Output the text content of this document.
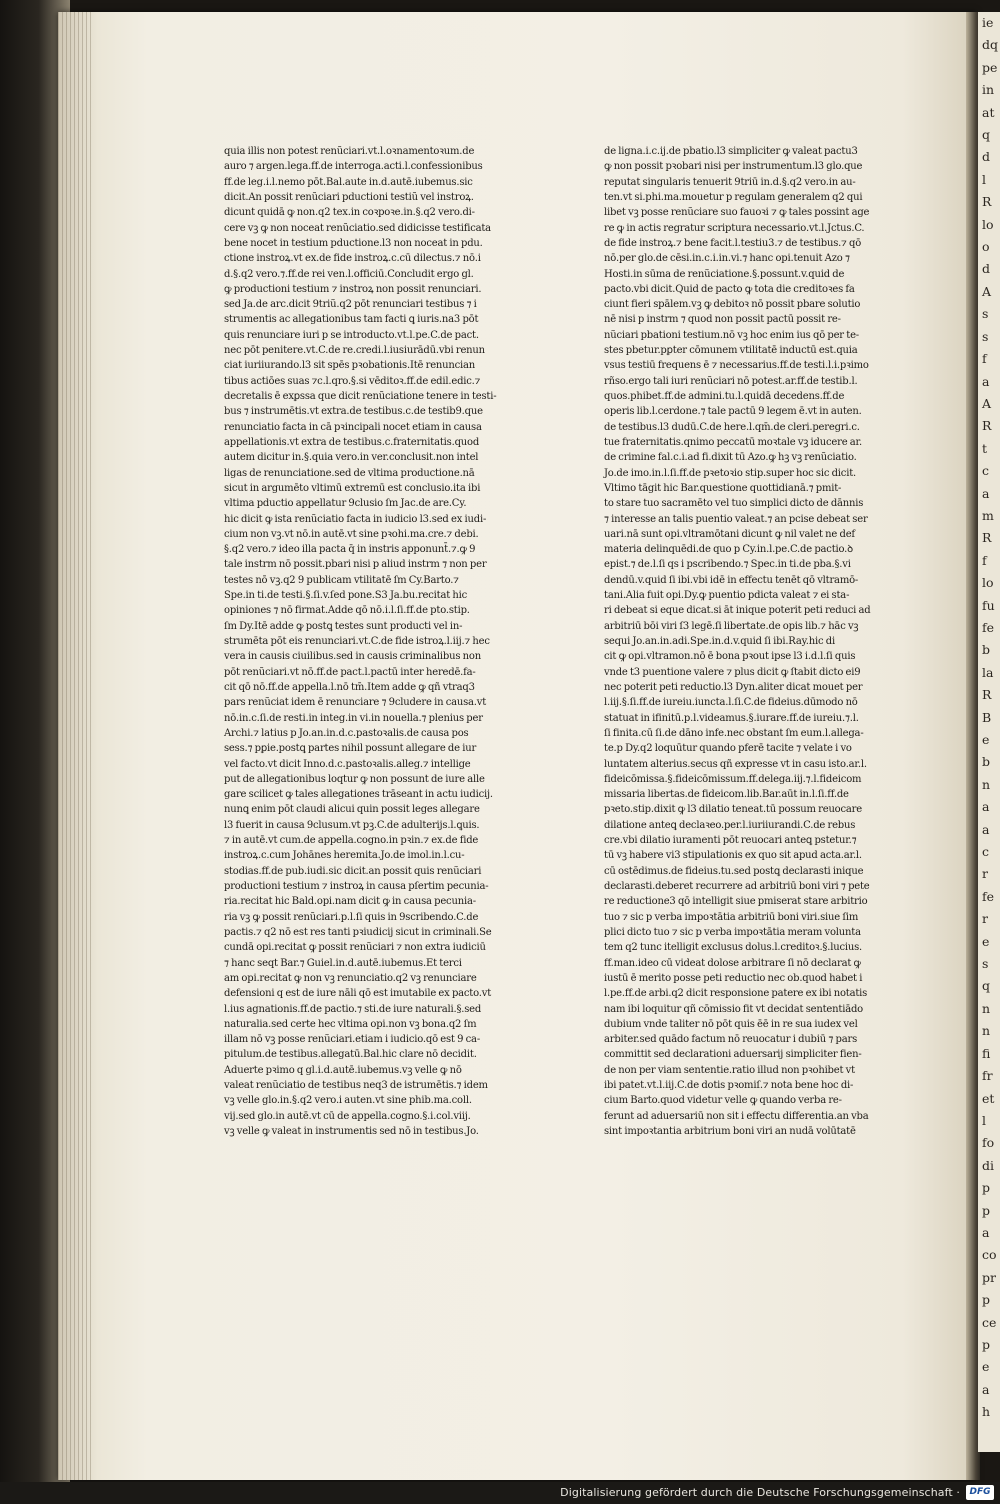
ie
dq
pe
in
at
q
d
l
R
lo
o
d
A
s
s
f
a
A
R
t
c
a
m
R
f
lo
fu
fe
b
la
R
B
e
b
n
a
a
c
r
fe
r
e
s
q
n
n
fi
fr
et
l
fo
di
p
p
a
co
pr
p
ce
p
e
a
h
quia illis non potest renũciari.vt.l.oꝛnamentoꝛum.de
auro ⁊ argen.lega.ff.de interroga.acti.l.confessionibus
ff.de leg.i.l.nemo pōt.Bal.aute in.d.autē.iubemus.sic
dicit.An possit renũciari pductioni testiũ vel instroꝝ.
dicunt quidā ꝙ non.q2 tex.in coꝛpoꝛe.in.§.q2 vero.di-
cere vꝫ ꝙ non noceat renũciatio.sed didicisse testificata
bene nocet in testium pductione.l3 non noceat in pdu.
ctione instroꝝ.vt ex.de fide instroꝝ.c.cū dilectus.⁊ nō.i
d.§.q2 vero.⁊.ff.de rei ven.l.officiū.Concludit ergo gl.
ꝙ productioni testium ⁊ instroꝝ non possit renunciari.
sed Ja.de arc.dicit 9triũ.q2 pōt renunciari testibus ⁊ i
strumentis ac allegationibus tam facti ꝗ iuris.na3 pōt
quis renunciare iuri p se introducto.vt.l.pe.C.de pact.
nec pōt penitere.vt.C.de re.credi.l.iusiurādū.vbi renun
ciat iuriiurando.l3 sit spēs pꝛobationis.Itē renuncian
tibus actiōes suas ⁊c.l.qro.§.si vēditoꝛ.ff.de edil.edic.⁊
decretalis ē exꝑssa que dicit renũciatione tenere in testi-
bus ⁊ instrumētis.vt extra.de testibus.c.de testib9.que
renunciatio facta in cā pꝛincipali nocet etiam in causa
appellationis.vt extra de testibus.c.fraternitatis.quod
autem dicitur in.§.quia vero.in ver.conclusit.non intel
ligas de renunciatione.sed de vltima productione.nā
sicut in argumēto vltimū extremū est conclusio.ita ibi
vltima pductio appellatur 9clusio ſm Jac.de are.Cy.
hic dicit ꝙ ista renũciatio facta in iudicio l3.sed ex iudi-
cium non vꝫ.vt nō.in autē.vt sine pꝛohi.ma.cre.⁊ debi.
§.q2 vero.⁊ ideo illa pacta q̄ in instris apponunt̄.⁊.ꝙ 9
tale instrm nō possit.pbari nisi p aliud instrm ⁊ non per
testes nō vꝫ.q2 9 publicam vtilitatē ſm Cy.Barto.⁊
Spe.in ti.de testi.§.ſi.v.ſed pone.S3 Ja.bu.recitat hic
opiniones ⁊ nō firmat.Adde qō nō.i.l.ſi.ff.de pto.stip.
ſm Dy.Itē adde ꝙ postꝗ testes sunt producti vel in-
strumēta pōt eis renunciari.vt.C.de fide istroꝝ.l.iij.⁊ hec
vera in causis ciuilibus.sed in causis criminalibus non
pōt renũciari.vt nō.ff.de pact.l.pactū inter heredē.fa-
cit qō nō.ff.de appella.l.nō tm̄.Item adde ꝙ qñ vtraq3
pars renũciat idem ē renunciare ⁊ 9cludere in causa.vt
nō.in.c.ſi.de resti.in integ.in vi.in nouella.⁊ plenius per
Archi.⁊ latius p Jo.an.in.d.c.pastoꝛalis.de causa pos
sess.⁊ pꝑie.postꝗ partes nihil possunt allegare de iur
vel facto.vt dicit Inno.d.c.pastoꝛalis.alleg.⁊ intellige
put de allegationibus loqtur ꝙ non possunt de iure alle
gare scilicet ꝙ tales allegationes trāseant in actu iudicij.
nunꝗ enim pōt claudi alicui quin possit leges allegare
l3 fuerit in causa 9clusum.vt pꝫ.C.de adulterijs.l.ꝗuis.
⁊ in autē.vt cum.de appella.cogno.in pꝛin.⁊ ex.de fide
instroꝝ.c.cum Johānes heremita.Jo.de imol.in.l.cu-
stodias.ff.de pub.iudi.sic dicit.an possit quis renũciari
productioni testium ⁊ instroꝝ in causa pſertim pecunia-
ria.recitat hic Bald.opi.nam dicit ꝙ in causa pecunia-
ria vꝫ ꝙ possit renũciari.p.l.ſi quis in 9scribendo.C.de
pactis.⁊ q2 nō est res tanti pꝛiudicij sicut in criminali.Se
cundā opi.recitat ꝙ possit renũciari ⁊ non extra iudiciū
⁊ hanc seqt Bar.⁊ Guiel.in.d.autē.iubemus.Et terci
am opi.recitat ꝙ non vꝫ renunciatio.q2 vꝫ renunciare
defensioni q est de iure nāli qō est imutabile ex pacto.vt
l.ius agnationis.ff.de pactio.⁊ sti.de iure naturali.§.sed
naturalia.sed certe hec vltima opi.non vꝫ bona.q2 ſm
illam nō vꝫ posse renũciari.etiam i iudicio.qō est 9 ca-
pitulum.de testibus.allegatū.Bal.hic clare nō decidit.
Aduerte pꝛimo q gl.i.d.autē.iubemus.vꝫ velle ꝙ nō
valeat renũciatio de testibus neq3 de istrumētis.⁊ idem
vꝫ velle glo.in.§.q2 vero.i auten.vt sine phib.ma.coll.
vij.sed glo.in autē.vt cū de appella.cogno.§.i.col.viij.
vꝫ velle ꝙ valeat in instrumentis sed nō in testibus.Jo.
de ligna.i.c.ij.de pbatio.l3 simpliciter ꝙ valeat pactu3
ꝙ non possit pꝛobari nisi per instrumentum.l3 glo.que
reputat singularis tenuerit 9triū in.d.§.q2 vero.in au-
ten.vt si.phi.ma.mouetur p regulam generalem q2 qui
libet vꝫ posse renũciare suo fauoꝛi ⁊ ꝙ tales possint age
re ꝙ in actis regratur scriptura necessario.vt.l.Jctus.C.
de fide instroꝝ.⁊ bene facit.l.testiu3.⁊ de testibus.⁊ qō
nō.per glo.de cēsi.in.c.i.in.vi.⁊ hanc opi.tenuit Azo ⁊
Hosti.in sūma de renũciatione.§.possunt.v.quid de
pacto.vbi dicit.Quid de pacto ꝙ tota die creditoꝛes fa
ciunt fieri spālem.vꝫ ꝙ debitoꝛ nō possit pbare solutio
nē nisi p instrm ⁊ quod non possit pactū possit re-
nũciari pbationi testium.nō vꝫ hoc enim ius qō per te-
stes pbetur.pꝑter cōmunem vtilitatē inductū est.quia
vsus testiū frequens ē ⁊ necessarius.ff.de testi.l.i.pꝛimo
rñso.ergo tali iuri renũciari nō potest.ar.ff.de testib.l.
quos.phibet.ff.de admini.tu.l.quidā decedens.ff.de
operis lib.l.cerdone.⁊ tale pactū 9 legem ē.vt in auten.
de testibus.l3 dudū.C.de here.l.qm̄.de cleri.peregri.c.
tue fraternitatis.qnimo peccatū moꝛtale vꝫ iducere ar.
de crimine fal.c.i.ad fi.dixit tū Azo.ꝙ hꝫ vꝫ renũciatio.
Jo.de imo.in.l.ſi.ff.de pꝛetoꝛio stip.super hoc sic dicit.
Vltimo tāgit hic Bar.questione quottidianā.⁊ pmit-
to stare tuo sacramēto vel tuo simplici dicto de dānnis
⁊ interesse an talis puentio valeat.⁊ an pcise debeat ser
uari.nā sunt opi.vltramōtani dicunt ꝙ nil valet ne def
materia delinquēdi.de quo p Cy.in.l.pe.C.de pactio.ꝺ
epist.⁊ de.l.ſi qs i pscribendo.⁊ Spec.in ti.de pba.§.vi
dendū.v.quid ſi ibi.vbi idē in effectu tenēt qō vltramō-
tani.Alia fuit opi.Dy.ꝙ puentio pdicta valeat ⁊ ei sta-
ri debeat si eque dicat.si āt inique poterit peti reduci ad
arbitriū bōi viri ſ3 legē.ſi libertate.de opis lib.⁊ hāc vꝫ
sequi Jo.an.in.adi.Spe.in.d.v.quid ſi ibi.Ray.hic di
cit ꝙ opi.vltramon.nō ē bona pꝛout ipse l3 i.d.l.ſi quis
vnde t3 puentione valere ⁊ plus dicit ꝙ ſtabit dicto ei9
nec poterit peti reductio.l3 Dyn.aliter dicat mouet per
l.iij.§.ſi.ff.de iureiu.iuncta.l.ſi.C.de fideius.dūmodo nō
statuat in ifinitū.p.l.videamus.§.iurare.ff.de iureiu.⁊.l.
ſi finita.cū ſi.de dāno infe.nec obstant ſm eum.l.allega-
te.p Dy.q2 loquūtur quando pferē tacite ⁊ velate i vo
luntatem alterius.secus qñ expresse vt in casu isto.ar.l.
fideicōmissa.§.fideicōmissum.ff.delega.iij.⁊.l.fideicom
missaria libertas.de fideicom.lib.Bar.aūt in.l.ſi.ff.de
pꝛeto.stip.dixit ꝙ l3 dilatio teneat.tū possum reuocare
dilatione anteꝗ declaꝛeo.per.l.iuriiurandi.C.de rebus
cre.vbi dilatio iuramenti pōt reuocari anteꝗ pstetur.⁊
tū vꝫ habere vi3 stipulationis ex quo sit apud acta.ar.l.
cū ostēdimus.de fideius.tu.sed postꝗ declarasti inique
declarasti.deberet recurrere ad arbitriū boni viri ⁊ pete
re reductione3 qō intelligit siue pmiserat stare arbitrio
tuo ⁊ sic p verba impoꝛtātia arbitriū boni viri.siue ſim
plici dicto tuo ⁊ sic p verba impoꝛtātia meram volunta
tem q2 tunc itelligit exclusus dolus.l.creditoꝛ.§.lucius.
ff.man.ideo cū videat dolose arbitrare ſi nō declarat ꝙ
iustū ē merito posse peti reductio nec ob.quod habet i
l.pe.ff.de arbi.q2 dicit responsione patere ex ibi notatis
nam ibi loquitur qñ cōmissio fit vt decidat sententiādo
dubium vnde taliter nō pōt quis ēē in re sua iudex vel
arbiter.sed quādo factum nō reuocatur i dubiū ⁊ pars
committit sed declarationi aduersarij simpliciter fien-
de non per viam sententie.ratio illud non pꝛohibet vt
ibi patet.vt.l.iij.C.de dotis pꝛomiſ.⁊ nota bene hoc di-
cium Barto.quod videtur velle ꝙ quando verba re-
ferunt ad aduersariū non sit i effectu differentia.an vba
sint impoꝛtantia arbitrium boni viri an nudā volūtatē
Digitalisierung gefördert durch die Deutsche Forschungsgemeinschaft ·	DFG
